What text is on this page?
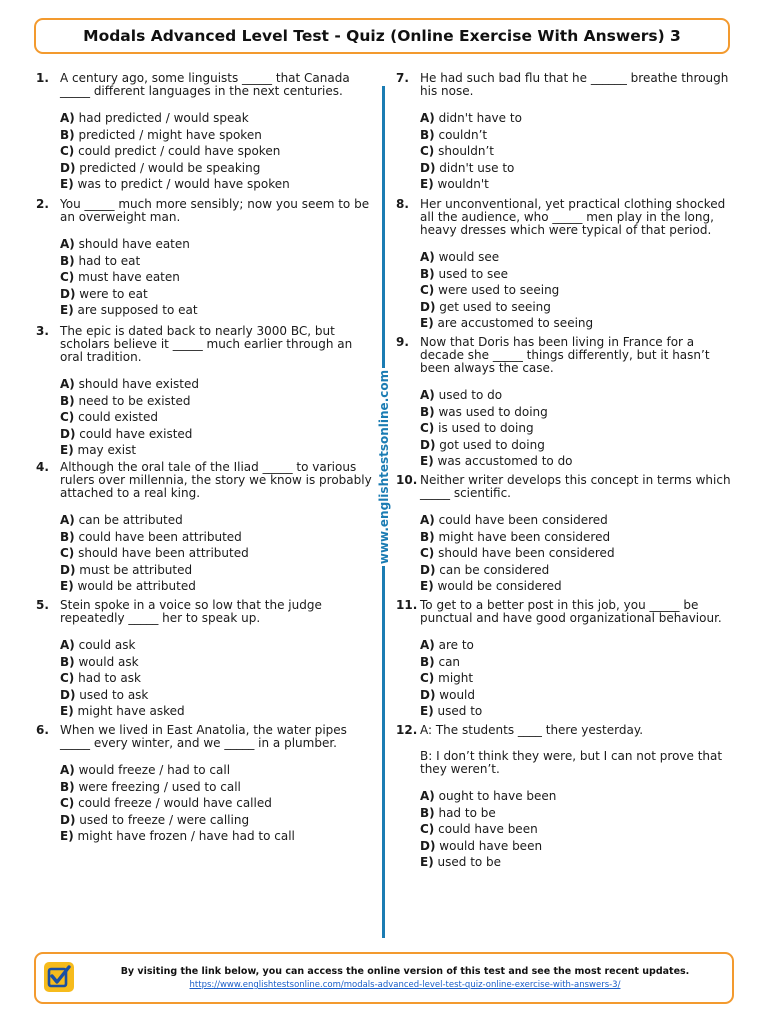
Modals Advanced Level Test - Quiz (Online Exercise With Answers) 3
1. A century ago, some linguists _____ that Canada _____ different languages in the next centuries.
A) had predicted / would speak
B) predicted / might have spoken
C) could predict / could have spoken
D) predicted / would be speaking
E) was to predict / would have spoken
2. You _____ much more sensibly; now you seem to be an overweight man.
A) should have eaten
B) had to eat
C) must have eaten
D) were to eat
E) are supposed to eat
3. The epic is dated back to nearly 3000 BC, but scholars believe it _____ much earlier through an oral tradition.
A) should have existed
B) need to be existed
C) could existed
D) could have existed
E) may exist
4. Although the oral tale of the Iliad _____ to various rulers over millennia, the story we know is probably attached to a real king.
A) can be attributed
B) could have been attributed
C) should have been attributed
D) must be attributed
E) would be attributed
5. Stein spoke in a voice so low that the judge repeatedly _____ her to speak up.
A) could ask
B) would ask
C) had to ask
D) used to ask
E) might have asked
6. When we lived in East Anatolia, the water pipes _____ every winter, and we _____ in a plumber.
A) would freeze / had to call
B) were freezing / used to call
C) could freeze / would have called
D) used to freeze / were calling
E) might have frozen / have had to call
7. He had such bad flu that he ______ breathe through his nose.
A) didn't have to
B) couldn’t
C) shouldn’t
D) didn't use to
E) wouldn't
8. Her unconventional, yet practical clothing shocked all the audience, who _____ men play in the long, heavy dresses which were typical of that period.
A) would see
B) used to see
C) were used to seeing
D) get used to seeing
E) are accustomed to seeing
9. Now that Doris has been living in France for a decade she _____ things differently, but it hasn’t been always the case.
A) used to do
B) was used to doing
C) is used to doing
D) got used to doing
E) was accustomed to do
10. Neither writer develops this concept in terms which _____ scientific.
A) could have been considered
B) might have been considered
C) should have been considered
D) can be considered
E) would be considered
11. To get to a better post in this job, you _____ be punctual and have good organizational behaviour.
A) are to
B) can
C) might
D) would
E) used to
12. A: The students ____ there yesterday.
B: I don’t think they were, but I can not prove that they weren’t.
A) ought to have been
B) had to be
C) could have been
D) would have been
E) used to be
www.englishtestsonline.com
By visiting the link below, you can access the online version of this test and see the most recent updates.
https://www.englishtestsonline.com/modals-advanced-level-test-quiz-online-exercise-with-answers-3/
